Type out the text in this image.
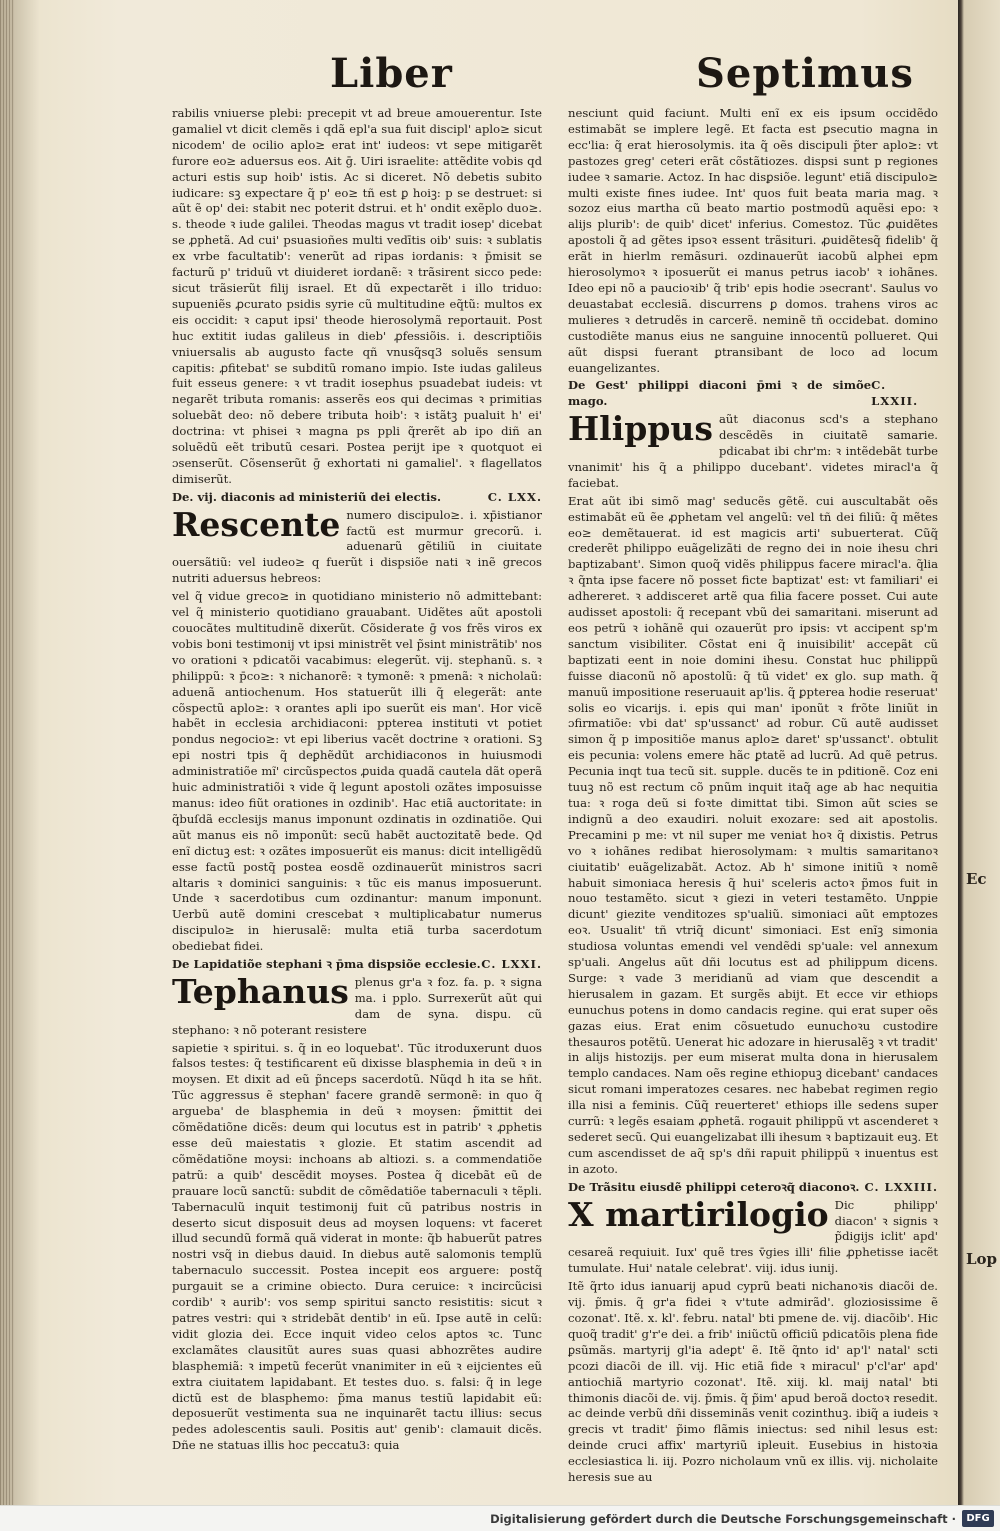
Liber	Septimus

rabilis vniuerse plebi: precepit vt ad breue amouerentur. Iste gamaliel vt dicit clemẽs i qdã epl'a sua fuit discipl' aplo≥ sicut nicodem' de ocilio aplo≥ erat int' iudeos: vt sepe mitigarẽt furore eo≥ aduersus eos. Ait ḡ. Uiri israelite: attẽdite vobis qd acturi estis sup hoib' istis. Ac si diceret. Nõ debetis subito iudicare: sꝫ expectare q̃ p' eo≥ tñ est ꝑ hoiꝫ: p se destruet: si aũt ẽ op' dei: stabit nec poterit dstrui. et h' ondit exẽplo duo≥. s. theode ꝛ iude galilei. Theodas magus vt tradit iosep' dicebat se ꝓphetã. Ad cui' psuasioñes multi vedītis oib' suis: ꝛ sublatis ex vrbe facultatib': venerũt ad ripas iordanis: ꝛ p̄misit se facturũ p' triduũ vt diuideret iordanẽ: ꝛ trãsirent sicco pede: sicut trãsierũt filij israel. Et dũ expectarẽt i illo triduo: supueniẽs ꝓcurato psidis syrie cũ multitudine eq̃tũ: multos ex eis occidit: ꝛ caput ipsi' theode hierosolymã reportauit. Post huc extitit iudas galileus in dieb' ꝓfessiõis. i. descriptiõis vniuersalis ab augusto facte qñ vnusq̃sq3 soluẽs sensum capitis: ꝓfitebat' se subditũ romano impio. Iste iudas galileus fuit esseus genere: ꝛ vt tradit iosephus psuadebat iudeis: vt negarẽt tributa romanis: asserẽs eos qui decimas ꝛ primitias soluebãt deo: nõ debere tributa hoib': ꝛ istãtꝫ pualuit h' ei' doctrina: vt phisei ꝛ magna ps ppli q̃rerẽt ab ipo diñ an soluẽdũ eẽt tributũ cesari. Postea perijt ipe ꝛ quotquot ei ɔsenserũt. Cõsenserũt ḡ exhortati ni gamaliel'. ꝛ flagellatos dimiserũt.

De. vij. diaconis ad ministeriũ dei electis.	C. LXX.
Rescente numero discipulo≥. i. xp̄istianor factũ est murmur grecorũ. i. aduenarũ gẽtiliũ in ciuitate ouersãtiũ: vel iudeo≥ q fuerũt i dispsiõe nati ꝛ inẽ grecos nutriti aduersus hebreos:

vel q̃ vidue greco≥ in quotidiano ministerio nõ admittebant: vel q̃ ministerio quotidiano grauabant. Uidẽtes aũt apostoli couocãtes multitudinẽ dixerũt. Cõsiderate ḡ vos frẽs viros ex vobis boni testimonij vt ipsi ministrẽt vel p̃sint ministrãtib' nos vo orationi ꝛ pdicatõi vacabimus: elegerũt. vij. stephanũ. s. ꝛ philippũ: ꝛ p̄co≥: ꝛ nichanorẽ: ꝛ tymonẽ: ꝛ pmenã: ꝛ nicholaũ: aduenã antiochenum. Hos statuerũt illi q̃ elegerãt: ante cõspectũ aplo≥: ꝛ orantes apli ipo suerũt eis man'. Hor vicẽ habẽt in ecclesia archidiaconi: ppterea instituti vt potiet pondus negocio≥: vt epi liberius vacẽt doctrine ꝛ orationi. Sꝫ epi nostri tpis q̃ deꝑhẽdũt archidiaconos in huiusmodi administratiõe mĩ' circũspectos ꝓuida quadã cautela dãt operã huic administratiõi ꝛ vide q̃ legunt apostoli ozãtes imposuisse manus: ideo fiũt orationes in ozdinib'. Hac etiã auctoritate: in q̃buſdã ecclesijs manus imponunt ozdinatis in ozdinatiõe. Qui aũt manus eis nõ imponũt: secũ habẽt auctozitatẽ bede. Qd enĩ dictuꝫ est: ꝛ ozãtes imposuerũt eis manus: dicit intelligẽdũ esse factũ postq̃ postea eosdẽ ozdinauerũt ministros sacri altaris ꝛ dominici sanguinis: ꝛ tũc eis manus imposuerunt. Unde ꝛ sacerdotibus cum ozdinantur: manum imponunt. Uerbũ autẽ domini crescebat ꝛ multiplicabatur numerus discipulo≥ in hierusalẽ: multa etiã turba sacerdotum obediebat fidei.

De Lapidatiõe stephani ꝛ p̄ma dispsiõe ecclesie. C. LXXI.
Tephanus plenus gr'a ꝛ foz. fa. p. ꝛ signa ma. i pplo. Surrexerũt aũt qui dam de syna. dispu. cũ stephano: ꝛ nõ poterant resistere

sapietie ꝛ spiritui. s. q̃ in eo loquebat'. Tũc itroduxerunt duos falsos testes: q̃ testificarent eũ dixisse blasphemia in deũ ꝛ in moysen. Et dixit ad eũ p̃nceps sacerdotũ. Nũqd h ita se hñt. Tũc aggressus ẽ stephan' facere grandẽ sermonẽ: in quo q̃ argueba' de blasphemia in deũ ꝛ moysen: p̃mittit dei cõmẽdatiõne dicẽs: deum qui locutus est in patrib' ꝛ ꝓphetis esse deũ maiestatis ꝛ glozie. Et statim ascendit ad cõmẽdatiõne moysi: inchoans ab altiozi. s. a commendatiõe patrũ: a quib' descẽdit moyses. Postea q̃ dicebãt eũ de prauare locũ sanctũ: subdit de cõmẽdatiõe tabernaculi ꝛ tẽpli. Tabernaculũ inquit testimonij fuit cũ patribus nostris in deserto sicut disposuit deus ad moysen loquens: vt faceret illud secundũ formã quã viderat in monte: q̃b habuerũt patres nostri vsq̃ in diebus dauid. In diebus autẽ salomonis templũ tabernaculo successit. Postea incepit eos arguere: postq̃ purgauit se a crimine obiecto. Dura ceruice: ꝛ incircũcisi cordib' ꝛ aurib': vos semp spiritui sancto resistitis: sicut ꝛ patres vestri: qui ꝛ stridebãt dentib' in eũ. Ipse autẽ in celũ: vidit glozia dei. Ecce inquit video celos aptos ꝛc. Tunc exclamãtes clausitũt aures suas quasi abhozrẽtes audire blasphemiã: ꝛ impetũ fecerũt vnanimiter in eũ ꝛ eijcientes eũ extra ciuitatem lapidabant. Et testes duo. s. falsi: q̃ in lege dictũ est de blasphemo: p̃ma manus testiũ lapidabit eũ: deposuerũt vestimenta sua ne inquinarẽt tactu illius: secus pedes adolescentis sauli. Positis aut' genib': clamauit dicẽs. Dñe ne statuas illis hoc peccatu3: quia

nesciunt quid faciunt. Multi enĩ ex eis ipsum occidẽdo estimabãt se implere legẽ. Et facta est ꝑsecutio magna in ecc'lia: q̃ erat hierosolymis. ita q̃ oẽs discipuli p̃ter aplo≥: vt pastozes greg' ceteri erãt cõstãtiozes. dispsi sunt p regiones iudee ꝛ samarie. Actoz. In hac disꝑsiõe. legunt' etiã discipulo≥ multi existe fines iudee. Int' quos fuit beata maria mag. ꝛ sozoz eius martha cũ beato martio postmodũ aquẽsi epo: ꝛ alijs plurib': de quib' dicet' inferius. Comestoz. Tũc ꝓuidẽtes apostoli q̃ ad gẽtes ipsoꝛ essent trãsituri. ꝓuidẽtesq̃ fidelib' q̃ erãt in hierlm remãsuri. ozdinauerũt iacobũ alphei epm hierosolymoꝛ ꝛ iposuerũt ei manus petrus iacob' ꝛ iohãnes. Ideo epi nõ a paucioꝛib' q̃ trib' epis hodie ɔsecrant'. Saulus vo deuastabat ecclesiã. discurrens ꝑ domos. trahens viros ac mulieres ꝛ detrudẽs in carcerẽ. neminẽ tñ occidebat. domino custodiẽte manus eius ne sanguine innocentũ pollueret. Qui aũt dispsi fuerant ꝑtransibant de loco ad locum euangelizantes.

De Gest' philippi diaconi p̄mi ꝛ de simõe mago.
C. LXXII.
Hlippus aũt diaconus scd's a stephano descẽdẽs in ciuitatẽ samarie. pdicabat ibi chr'm: ꝛ intẽdebãt turbe vnanimit' his q̃ a philippo ducebant'. videtes miracl'a q̃ faciebat.

Erat aũt ibi simõ mag' seducẽs gẽtẽ. cui auscultabãt oẽs estimabãt eũ ẽe ꝓphetam vel angelũ: vel tñ dei filiũ: q̃ mẽtes eo≥ demẽtauerat. id est magicis arti' subuerterat. Cũq̃ crederẽt philippo euãgelizãti de regno dei in noie ihesu chri baptizabant'. Simon quoq̃ vidẽs philippus facere miracl'a. q̃lia ꝛ q̃nta ipse facere nõ posset ficte baptizat' est: vt familiari' ei adhereret. ꝛ addisceret artẽ qua filia facere posset. Cui aute audisset apostoli: q̃ recepant vbũ dei samaritani. miserunt ad eos petrũ ꝛ iohãnẽ qui ozauerũt pro ipsis: vt accipent sp'm sanctum visibiliter. Cõstat eni q̃ inuisibilit' accepãt cũ baptizati eent in noie domini ihesu. Constat huc philippũ fuisse diaconũ nõ apostolũ: q̃ tũ videt' ex glo. sup math. q̃ manuũ impositione reseruauit ap'lis. q̃ ꝑpterea hodie reseruat' solis eo vicarijs. i. epis qui man' iponũt ꝛ frõte liniũt in ɔfirmatiõe: vbi dat' sp'ussanct' ad robur. Cũ autẽ audisset simon q̃ p impositiõe manus aplo≥ daret' sp'ussanct'. obtulit eis pecunia: volens emere hãc ꝑtatẽ ad lucrũ. Ad quẽ petrus. Pecunia inqt tua tecũ sit. supple. ducẽs te in pditionẽ. Coz eni tuuꝫ nõ est rectum cõ pnũm inquit itaq̃ age ab hac nequitia tua: ꝛ roga deũ si foꝛte dimittat tibi. Simon aũt scies se indignũ a deo exaudiri. noluit exozare: sed ait apostolis. Precamini p me: vt nil super me veniat hoꝛ q̃ dixistis. Petrus vo ꝛ iohãnes redibat hierosolymam: ꝛ multis samaritanoꝛ ciuitatib' euãgelizabãt. Actoz. Ab h' simone initiũ ꝛ nomẽ habuit simoniaca heresis q̃ hui' sceleris actoꝛ p̃mos fuit in nouo testamẽto. sicut ꝛ giezi in veteri testamẽto. Unꝑpie dicunt' giezite venditozes sp'ualiũ. simoniaci aũt emptozes eoꝛ. Usualit' tñ vtriq̃ dicunt' simoniaci. Est enĩꝫ simonia studiosa voluntas emendi vel vendẽdi sp'uale: vel annexum sp'uali. Angelus aũt dñi locutus est ad philippum dicens. Surge: ꝛ vade 3 meridianũ ad viam que descendit a hierusalem in gazam. Et surgẽs abijt. Et ecce vir ethiops eunuchus potens in domo candacis regine. qui erat super oẽs gazas eius. Erat enim cõsuetudo eunuchoꝛu custodire thesauros potẽtũ. Uenerat hic adozare in hierusalẽꝫ ꝛ vt tradit' in alijs histozijs. per eum miserat multa dona in hierusalem templo candaces. Nam oẽs regine ethiopuꝫ dicebant' candaces sicut romani imperatozes cesares. nec habebat regimen regio illa nisi a feminis. Cũq̃ reuerteret' ethiops ille sedens super currũ: ꝛ legẽs esaiam ꝓphetã. rogauit philippũ vt ascenderet ꝛ sederet secũ. Qui euangelizabat illi ihesum ꝛ baptizauit euꝫ. Et cum ascendisset de aq̃ sp's dñi rapuit philippũ ꝛ inuentus est in azoto.

De Trãsitu eiusdẽ philippi ceteroꝛq̃ diaconoꝛ. C. LXXIII.
X martirilogio Dic philipp' diacon' ꝛ signis ꝛ p̃digijs iclit' apd' cesareã requiuit. Iux' quẽ tres v̄gies illi' filie ꝓphetisse iacẽt tumulate. Hui' natale celebrat'. viij. idus iunij.

Itẽ q̃rto idus ianuarij apud cyprũ beati nichanoꝛis diacõi de. vij. p̃mis. q̃ gr'a fidei ꝛ v'tute admirãd'. gloziosissime ẽ cozonat'. Itẽ. x. kl'. febru. natal' bti pmene de. vij. diacõib'. Hic quoq̃ tradit' g'r'e dei. a frib' iniũctũ officiũ pdicatõis plena fide ꝑsũmãs. martyrij gl'ia adeꝑt' ẽ. Itẽ q̃nto id' ap'l' natal' scti pcozi diacõi de ill. vij. Hic etiã fide ꝛ miracul' p'cl'ar' apd' antiochiã martyrio cozonat'. Itẽ. xiij. kl. maij natal' bti thimonis diacõi de. vij. p̃mis. q̃ p̃im' apud beroã doctoꝛ resedit. ac deinde verbũ dñi disseminãs venit cozinthuꝫ. ibiq̃ a iudeis ꝛ grecis vt tradit' p̃imo flãmis iniectus: sed nihil lesus est: deinde cruci affix' martyriũ ipleuit. Eusebius in histoꝛia ecclesiastica li. iij. Pozro nicholaum vnũ ex illis. vij. nicholaite heresis sue au

Ec
Lop
Digitalisierung gefördert durch die Deutsche Forschungsgemeinschaft ·	DFG
